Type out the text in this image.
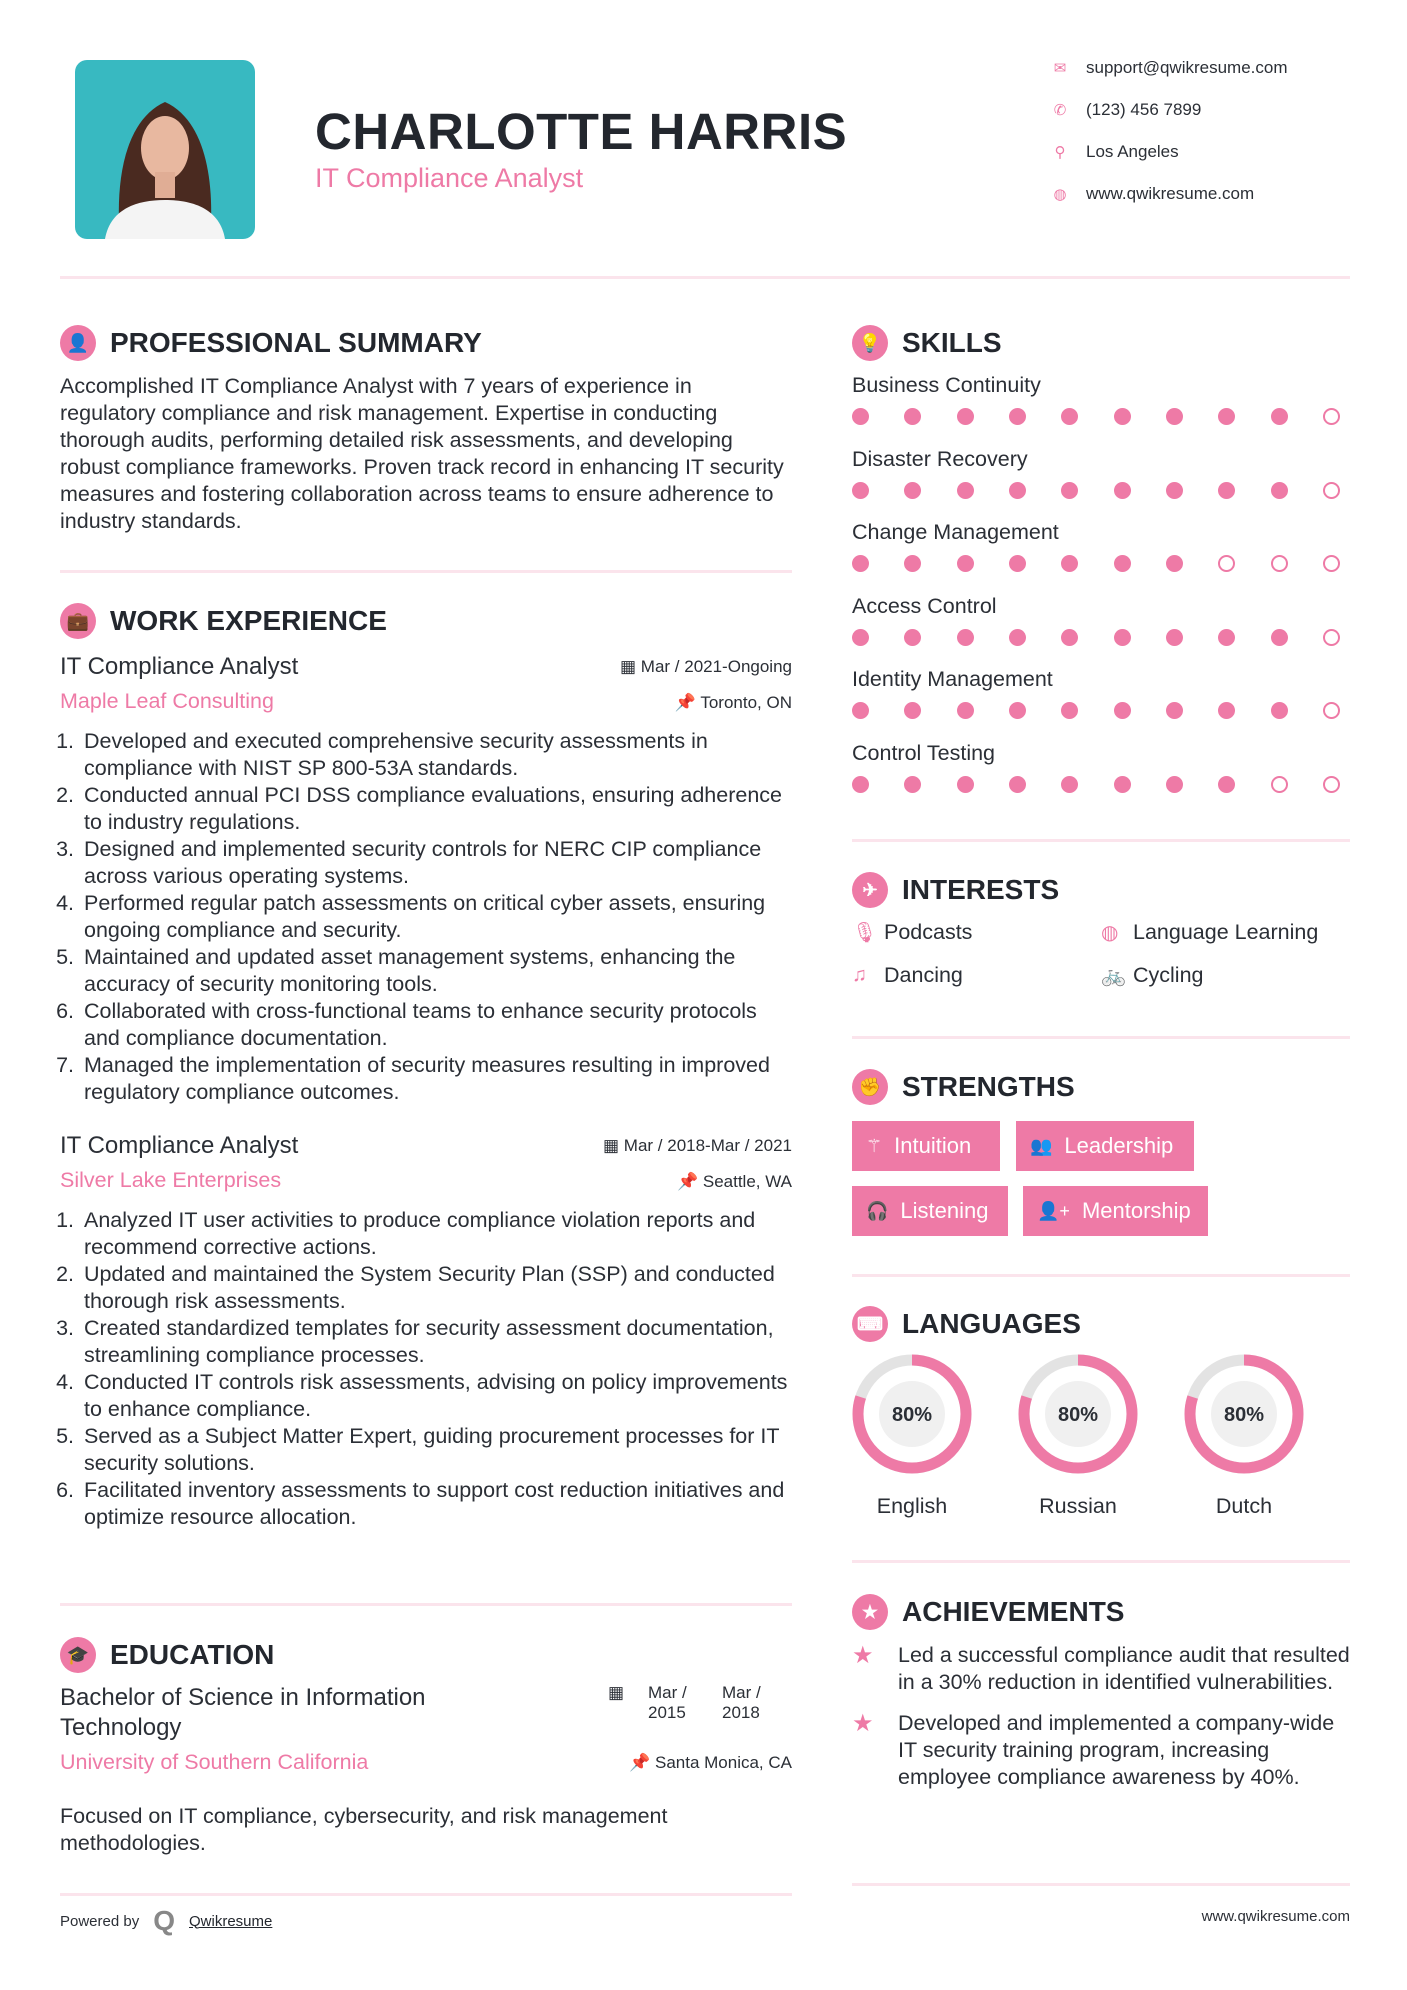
CHARLOTTE HARRIS
IT Compliance Analyst
✉ support@qwikresume.com
✆ (123) 456 7899
⚲ Los Angeles
◍ www.qwikresume.com
👤 PROFESSIONAL SUMMARY

Accomplished IT Compliance Analyst with 7 years of experience in regulatory compliance and risk management. Expertise in conducting thorough audits, performing detailed risk assessments, and developing robust compliance frameworks. Proven track record in enhancing IT security measures and fostering collaboration across teams to ensure adherence to industry standards.

💼 WORK EXPERIENCE
IT Compliance Analyst	▦ Mar / 2021-Ongoing
Maple Leaf Consulting	📌 Toronto, ON
1. Developed and executed comprehensive security assessments in compliance with NIST SP 800-53A standards.
2. Conducted annual PCI DSS compliance evaluations, ensuring adherence to industry regulations.
3. Designed and implemented security controls for NERC CIP compliance across various operating systems.
4. Performed regular patch assessments on critical cyber assets, ensuring ongoing compliance and security.
5. Maintained and updated asset management systems, enhancing the accuracy of security monitoring tools.
6. Collaborated with cross-functional teams to enhance security protocols and compliance documentation.
7. Managed the implementation of security measures resulting in improved regulatory compliance outcomes.
IT Compliance Analyst	▦ Mar / 2018-Mar / 2021
Silver Lake Enterprises	📌 Seattle, WA
1. Analyzed IT user activities to produce compliance violation reports and recommend corrective actions.
2. Updated and maintained the System Security Plan (SSP) and conducted thorough risk assessments.
3. Created standardized templates for security assessment documentation, streamlining compliance processes.
4. Conducted IT controls risk assessments, advising on policy improvements to enhance compliance.
5. Served as a Subject Matter Expert, guiding procurement processes for IT security solutions.
6. Facilitated inventory assessments to support cost reduction initiatives and optimize resource allocation.
🎓 EDUCATION
Bachelor of Science in Information Technology
▦ Mar / 2015
Mar / 2018
University of Southern California	📌 Santa Monica, CA

Focused on IT compliance, cybersecurity, and risk management methodologies.

Powered by Q Qwikresume
💡 SKILLS
Business Continuity
Disaster Recovery
Change Management
Access Control
Identity Management
Control Testing
✈ INTERESTS
🎙 Podcasts	◍ Language Learning
♫ Dancing	🚲 Cycling
✊ STRENGTHS
⚚ Intuition	👥 Leadership
🎧 Listening	👤+ Mentorship
⌨ LANGUAGES
80%
English
80%
Russian
80%
Dutch
★ ACHIEVEMENTS
★	Led a successful compliance audit that resulted in a 30% reduction in identified vulnerabilities.
★	Developed and implemented a company-wide IT security training program, increasing employee compliance awareness by 40%.
www.qwikresume.com
